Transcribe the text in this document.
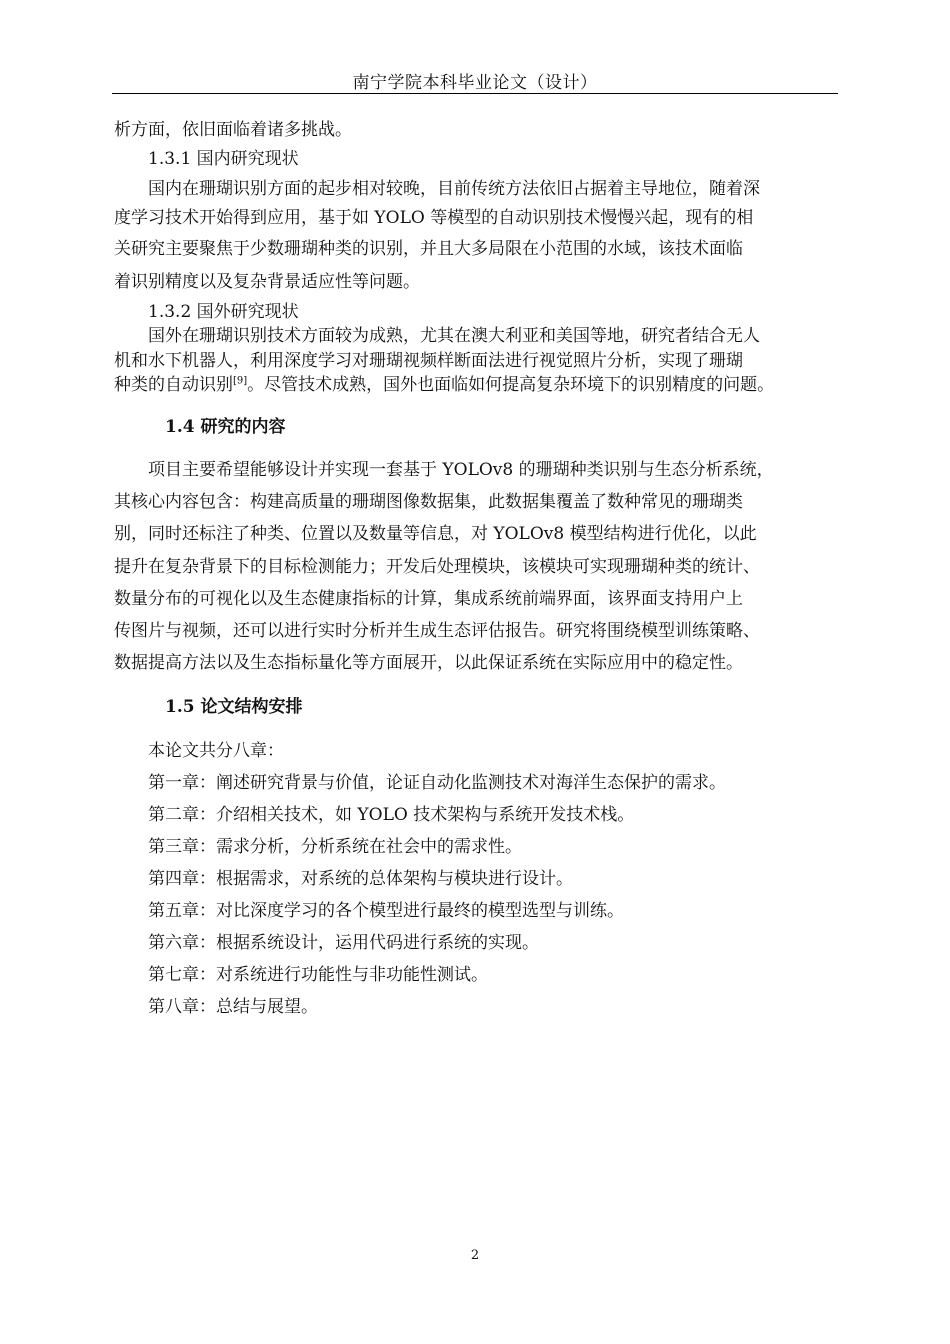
南宁学院本科毕业论文（设计）
析方面，依旧面临着诸多挑战。
1.3.1 国内研究现状
国内在珊瑚识别方面的起步相对较晚，目前传统方法依旧占据着主导地位，随着深
度学习技术开始得到应用，基于如 YOLO 等模型的自动识别技术慢慢兴起，现有的相
关研究主要聚焦于少数珊瑚种类的识别，并且大多局限在小范围的水域，该技术面临
着识别精度以及复杂背景适应性等问题。
1.3.2 国外研究现状
国外在珊瑚识别技术方面较为成熟，尤其在澳大利亚和美国等地，研究者结合无人
机和水下机器人，利用深度学习对珊瑚视频样断面法进行视觉照片分析，实现了珊瑚
种类的自动识别[9]。尽管技术成熟，国外也面临如何提高复杂环境下的识别精度的问题。
1.4 研究的内容
项目主要希望能够设计并实现一套基于 YOLOv8 的珊瑚种类识别与生态分析系统，
其核心内容包含：构建高质量的珊瑚图像数据集，此数据集覆盖了数种常见的珊瑚类
别，同时还标注了种类、位置以及数量等信息，对 YOLOv8 模型结构进行优化，以此
提升在复杂背景下的目标检测能力；开发后处理模块，该模块可实现珊瑚种类的统计、
数量分布的可视化以及生态健康指标的计算，集成系统前端界面，该界面支持用户上
传图片与视频，还可以进行实时分析并生成生态评估报告。研究将围绕模型训练策略、
数据提高方法以及生态指标量化等方面展开，以此保证系统在实际应用中的稳定性。
1.5 论文结构安排
本论文共分八章：
第一章：阐述研究背景与价值，论证自动化监测技术对海洋生态保护的需求。
第二章：介绍相关技术，如 YOLO 技术架构与系统开发技术栈。
第三章：需求分析，分析系统在社会中的需求性。
第四章：根据需求，对系统的总体架构与模块进行设计。
第五章：对比深度学习的各个模型进行最终的模型选型与训练。
第六章：根据系统设计，运用代码进行系统的实现。
第七章：对系统进行功能性与非功能性测试。
第八章：总结与展望。
2
